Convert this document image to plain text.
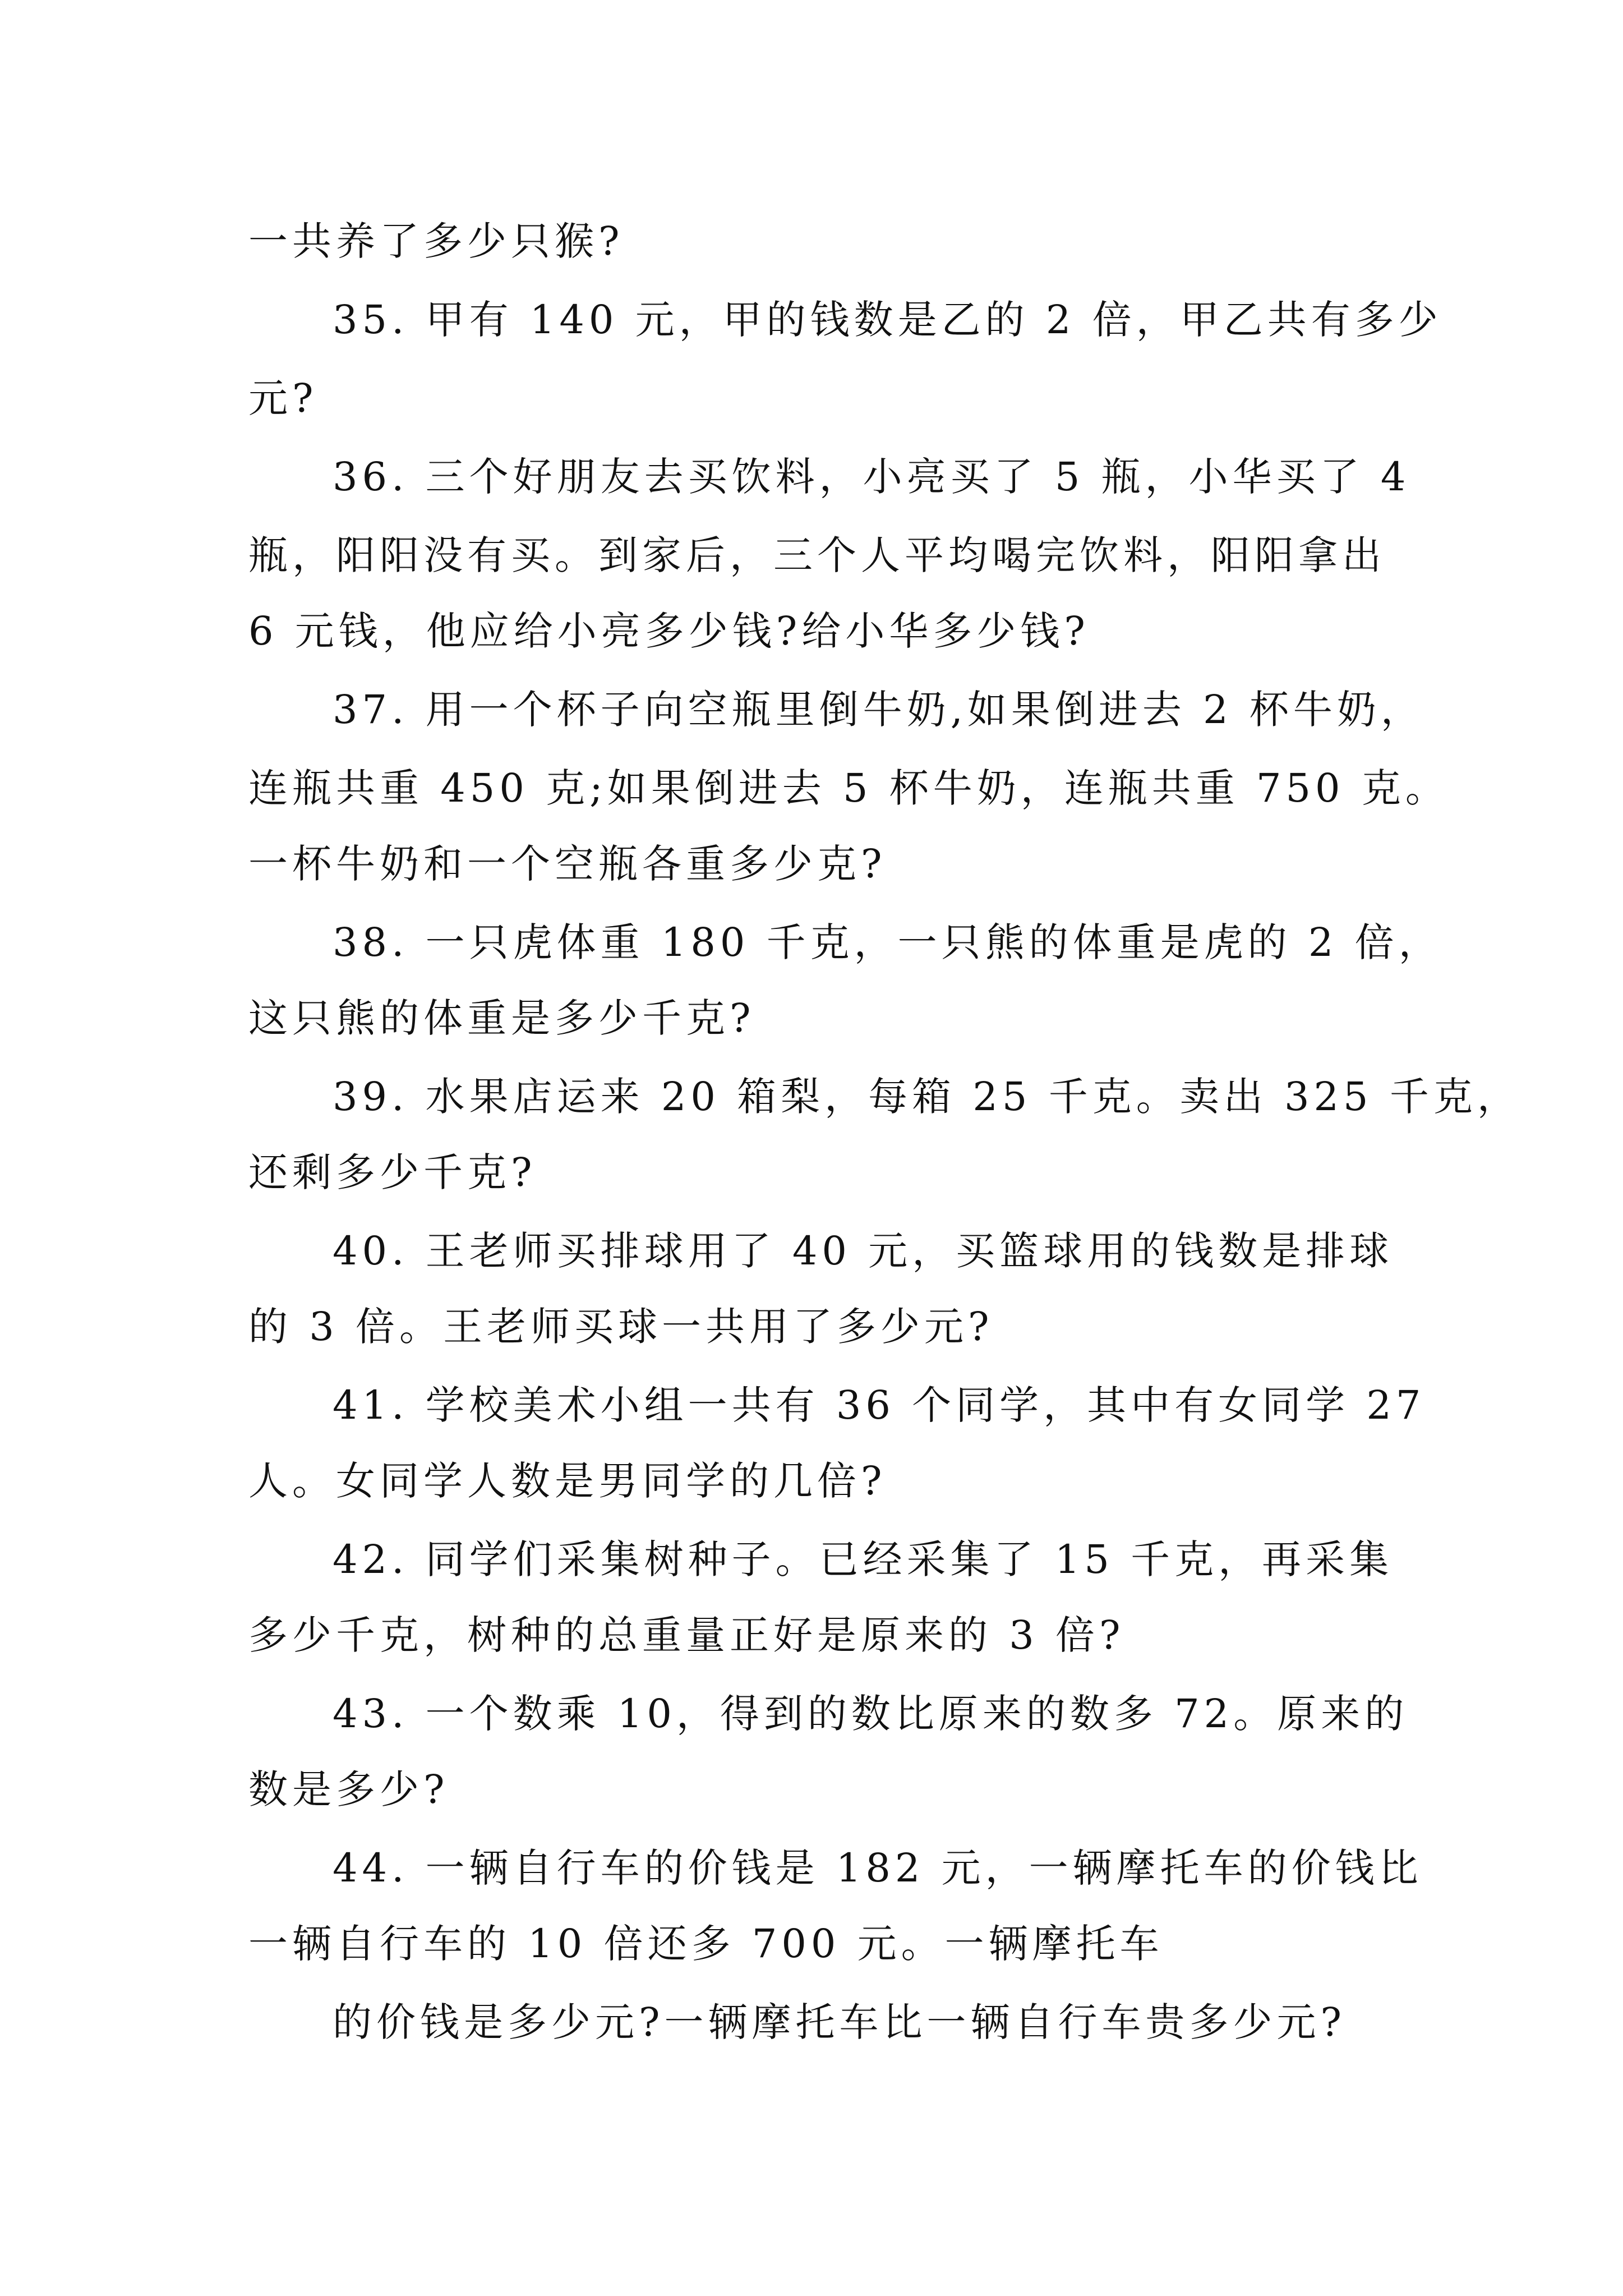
一共养了多少只猴?
35. 甲有 140 元，甲的钱数是乙的 2 倍，甲乙共有多少
元?
36. 三个好朋友去买饮料，小亮买了 5 瓶，小华买了 4
瓶，阳阳没有买。到家后，三个人平均喝完饮料，阳阳拿出
6 元钱，他应给小亮多少钱?给小华多少钱?
37. 用一个杯子向空瓶里倒牛奶,如果倒进去 2 杯牛奶，
连瓶共重 450 克;如果倒进去 5 杯牛奶，连瓶共重 750 克。
一杯牛奶和一个空瓶各重多少克?
38. 一只虎体重 180 千克，一只熊的体重是虎的 2 倍，
这只熊的体重是多少千克?
39. 水果店运来 20 箱梨，每箱 25 千克。卖出 325 千克，
还剩多少千克?
40. 王老师买排球用了 40 元，买篮球用的钱数是排球
的 3 倍。王老师买球一共用了多少元?
41. 学校美术小组一共有 36 个同学，其中有女同学 27
人。女同学人数是男同学的几倍?
42. 同学们采集树种子。已经采集了 15 千克，再采集
多少千克，树种的总重量正好是原来的 3 倍?
43. 一个数乘 10，得到的数比原来的数多 72。原来的
数是多少?
44. 一辆自行车的价钱是 182 元，一辆摩托车的价钱比
一辆自行车的 10 倍还多 700 元。一辆摩托车
的价钱是多少元?一辆摩托车比一辆自行车贵多少元?
